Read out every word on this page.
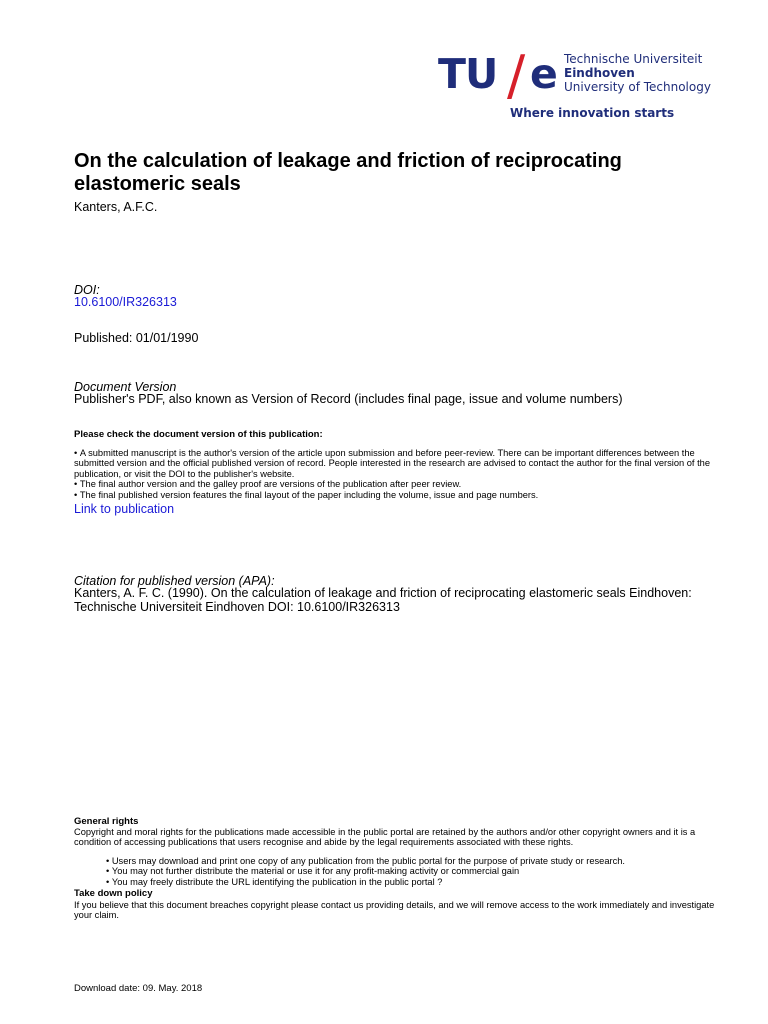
TU / e Technische Universiteit
Eindhoven
University of Technology
Where innovation starts
On the calculation of leakage and friction of reciprocating elastomeric seals
Kanters, A.F.C.
DOI:
10.6100/IR326313
Published: 01/01/1990
Document Version
Publisher's PDF, also known as Version of Record (includes final page, issue and volume numbers)
Please check the document version of this publication:
• A submitted manuscript is the author's version of the article upon submission and before peer-review. There can be important differences between the submitted version and the official published version of record. People interested in the research are advised to contact the author for the final version of the publication, or visit the DOI to the publisher's website.
• The final author version and the galley proof are versions of the publication after peer review.
• The final published version features the final layout of the paper including the volume, issue and page numbers.
Link to publication
Citation for published version (APA):
Kanters, A. F. C. (1990). On the calculation of leakage and friction of reciprocating elastomeric seals Eindhoven: Technische Universiteit Eindhoven DOI: 10.6100/IR326313
General rights
Copyright and moral rights for the publications made accessible in the public portal are retained by the authors and/or other copyright owners and it is a condition of accessing publications that users recognise and abide by the legal requirements associated with these rights.
• Users may download and print one copy of any publication from the public portal for the purpose of private study or research.
• You may not further distribute the material or use it for any profit-making activity or commercial gain
• You may freely distribute the URL identifying the publication in the public portal ?
Take down policy
If you believe that this document breaches copyright please contact us providing details, and we will remove access to the work immediately and investigate your claim.
Download date: 09. May. 2018
